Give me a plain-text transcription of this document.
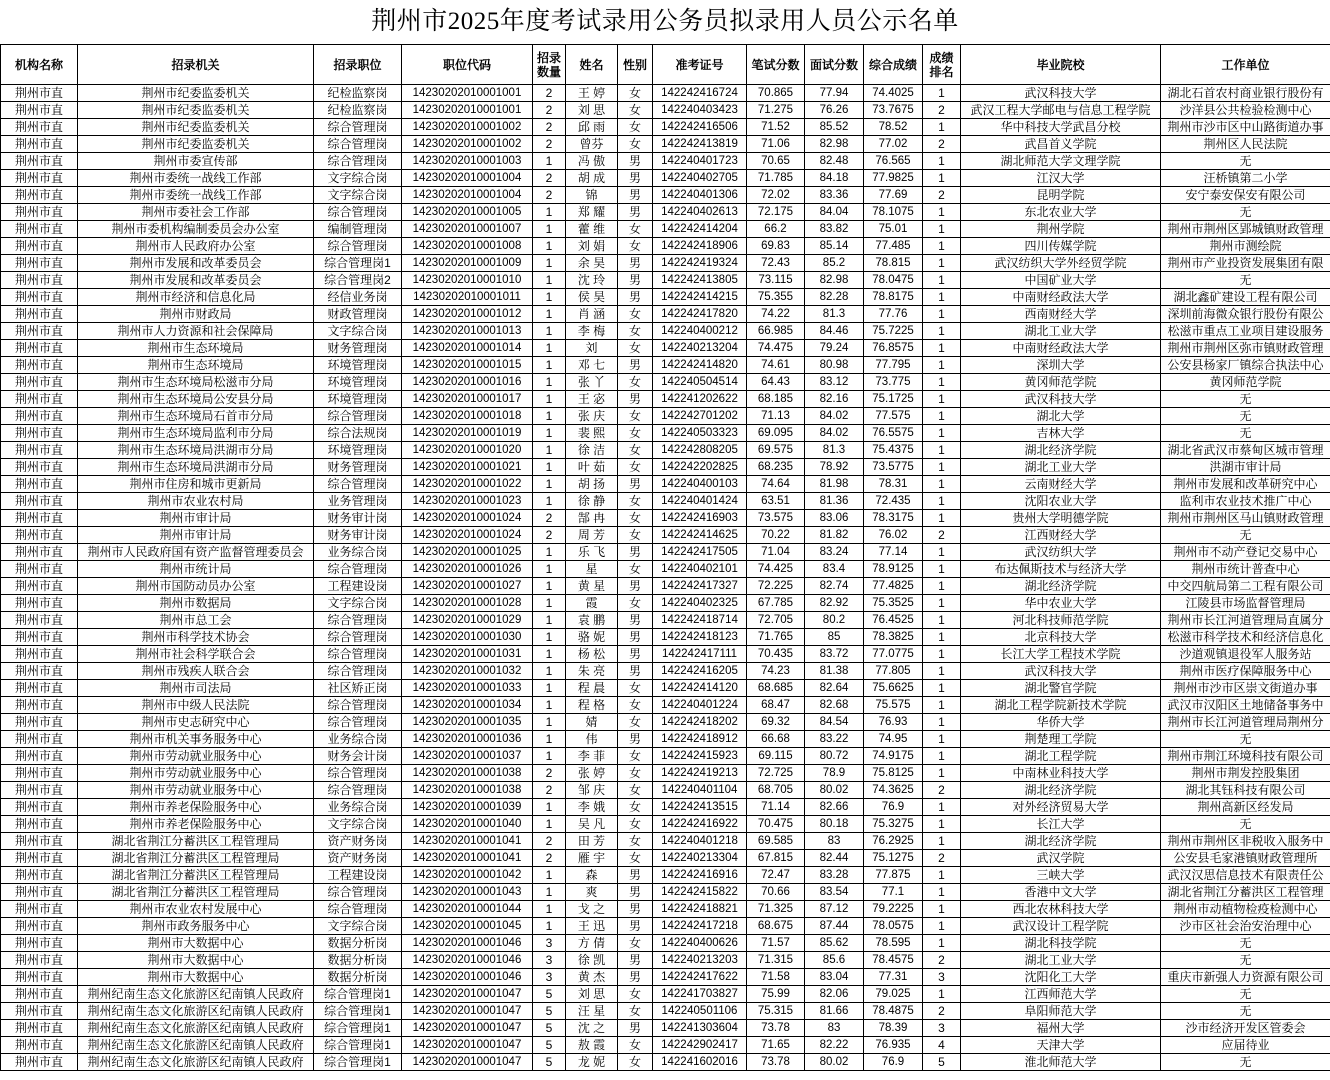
荆州市2025年度考试录用公务员拟录用人员公示名单
机构名称	招录机关	招录职位	职位代码	招录数量	姓名	性别	准考证号	笔试分数	面试分数	综合成绩	成绩排名	毕业院校	工作单位
荆州市直	荆州市纪委监委机关	纪检监察岗	14230202010001001	2	王 婷	女	142242416724	70.865	77.94	74.4025	1	武汉科技大学	湖北石首农村商业银行股份有
荆州市直	荆州市纪委监委机关	纪检监察岗	14230202010001001	2	刘 思	女	142240403423	71.275	76.26	73.7675	2	武汉工程大学邮电与信息工程学院	沙洋县公共检验检测中心
荆州市直	荆州市纪委监委机关	综合管理岗	14230202010001002	2	邱 雨	女	142242416506	71.52	85.52	78.52	1	华中科技大学武昌分校	荆州市沙市区中山路街道办事
荆州市直	荆州市纪委监委机关	综合管理岗	14230202010001002	2	曾芬	女	142242413819	71.06	82.98	77.02	2	武昌首义学院	荆州区人民法院
荆州市直	荆州市委宣传部	综合管理岗	14230202010001003	1	冯 傲	男	142240401723	70.65	82.48	76.565	1	湖北师范大学文理学院	无
荆州市直	荆州市委统一战线工作部	文字综合岗	14230202010001004	2	胡 成	男	142240402705	71.785	84.18	77.9825	1	江汉大学	汪桥镇第二小学
荆州市直	荆州市委统一战线工作部	文字综合岗	14230202010001004	2	锦	男	142240401306	72.02	83.36	77.69	2	昆明学院	安宁泰安保安有限公司
荆州市直	荆州市委社会工作部	综合管理岗	14230202010001005	1	郑 耀	男	142240402613	72.175	84.04	78.1075	1	东北农业大学	无
荆州市直	荆州市委机构编制委员会办公室	编制管理岗	14230202010001007	1	藿 维	女	142242414204	66.2	83.82	75.01	1	荆州学院	荆州市荆州区郢城镇财政管理
荆州市直	荆州市人民政府办公室	综合管理岗	14230202010001008	1	刘 娟	女	142242418906	69.83	85.14	77.485	1	四川传媒学院	荆州市测绘院
荆州市直	荆州市发展和改革委员会	综合管理岗1	14230202010001009	1	余 昊	男	142242419324	72.43	85.2	78.815	1	武汉纺织大学外经贸学院	荆州市产业投资发展集团有限
荆州市直	荆州市发展和改革委员会	综合管理岗2	14230202010001010	1	沈 玲	男	142242413805	73.115	82.98	78.0475	1	中国矿业大学	无
荆州市直	荆州市经济和信息化局	经信业务岗	14230202010001011	1	侯 昊	男	142242414215	75.355	82.28	78.8175	1	中南财经政法大学	湖北鑫矿建设工程有限公司
荆州市直	荆州市财政局	财政管理岗	14230202010001012	1	肖 涵	女	142242417820	74.22	81.3	77.76	1	西南财经大学	深圳前海微众银行股份有限公
荆州市直	荆州市人力资源和社会保障局	文字综合岗	14230202010001013	1	李 梅	女	142240400212	66.985	84.46	75.7225	1	湖北工业大学	松滋市重点工业项目建设服务
荆州市直	荆州市生态环境局	财务管理岗	14230202010001014	1	刘	女	142240213204	74.475	79.24	76.8575	1	中南财经政法大学	荆州市荆州区弥市镇财政管理
荆州市直	荆州市生态环境局	环境管理岗	14230202010001015	1	邓 七	男	142242414820	74.61	80.98	77.795	1	深圳大学	公安县杨家厂镇综合执法中心
荆州市直	荆州市生态环境局松滋市分局	环境管理岗	14230202010001016	1	张 丫	女	142240504514	64.43	83.12	73.775	1	黄冈师范学院	黄冈师范学院
荆州市直	荆州市生态环境局公安县分局	环境管理岗	14230202010001017	1	王 宓	男	142241202622	68.185	82.16	75.1725	1	武汉科技大学	无
荆州市直	荆州市生态环境局石首市分局	综合管理岗	14230202010001018	1	张 庆	女	142242701202	71.13	84.02	77.575	1	湖北大学	无
荆州市直	荆州市生态环境局监利市分局	综合法规岗	14230202010001019	1	裴 熙	女	142240503323	69.095	84.02	76.5575	1	吉林大学	无
荆州市直	荆州市生态环境局洪湖市分局	环境管理岗	14230202010001020	1	徐 洁	女	142242808205	69.575	81.3	75.4375	1	湖北经济学院	湖北省武汉市蔡甸区城市管理
荆州市直	荆州市生态环境局洪湖市分局	财务管理岗	14230202010001021	1	叶 茹	女	142242202825	68.235	78.92	73.5775	1	湖北工业大学	洪湖市审计局
荆州市直	荆州市住房和城市更新局	综合管理岗	14230202010001022	1	胡 扬	男	142240400103	74.64	81.98	78.31	1	云南财经大学	荆州市发展和改革研究中心
荆州市直	荆州市农业农村局	业务管理岗	14230202010001023	1	徐 静	女	142240401424	63.51	81.36	72.435	1	沈阳农业大学	监利市农业技术推广中心
荆州市直	荆州市审计局	财务审计岗	14230202010001024	2	郜 冉	女	142242416903	73.575	83.06	78.3175	1	贵州大学明德学院	荆州市荆州区马山镇财政管理
荆州市直	荆州市审计局	财务审计岗	14230202010001024	2	周 芳	女	142242414625	70.22	81.82	76.02	2	江西财经大学	无
荆州市直	荆州市人民政府国有资产监督管理委员会	业务综合岗	14230202010001025	1	乐 飞	男	142242417505	71.04	83.24	77.14	1	武汉纺织大学	荆州市不动产登记交易中心
荆州市直	荆州市统计局	综合管理岗	14230202010001026	1	星	女	142240402101	74.425	83.4	78.9125	1	布达佩斯技术与经济大学	荆州市统计普查中心
荆州市直	荆州市国防动员办公室	工程建设岗	14230202010001027	1	黄 星	男	142242417327	72.225	82.74	77.4825	1	湖北经济学院	中交四航局第二工程有限公司
荆州市直	荆州市数据局	文字综合岗	14230202010001028	1	霞	女	142240402325	67.785	82.92	75.3525	1	华中农业大学	江陵县市场监督管理局
荆州市直	荆州市总工会	综合管理岗	14230202010001029	1	袁 鹏	男	142242418714	72.705	80.2	76.4525	1	河北科技师范学院	荆州市长江河道管理局直属分
荆州市直	荆州市科学技术协会	综合管理岗	14230202010001030	1	骆 妮	男	142242418123	71.765	85	78.3825	1	北京科技大学	松滋市科学技术和经济信息化
荆州市直	荆州市社会科学联合会	综合管理岗	14230202010001031	1	杨 松	男	142242417111	70.435	83.72	77.0775	1	长江大学工程技术学院	沙道观镇退役军人服务站
荆州市直	荆州市残疾人联合会	综合管理岗	14230202010001032	1	朱 亮	男	142242416205	74.23	81.38	77.805	1	武汉科技大学	荆州市医疗保障服务中心
荆州市直	荆州市司法局	社区矫正岗	14230202010001033	1	程 晨	女	142242414120	68.685	82.64	75.6625	1	湖北警官学院	荆州市沙市区崇文街道办事
荆州市直	荆州市中级人民法院	综合管理岗	14230202010001034	1	程 格	女	142240401224	68.47	82.68	75.575	1	湖北工程学院新技术学院	武汉市汉阳区土地储备事务中
荆州市直	荆州市史志研究中心	综合管理岗	14230202010001035	1	婧	女	142242418202	69.32	84.54	76.93	1	华侨大学	荆州市长江河道管理局荆州分
荆州市直	荆州市机关事务服务中心	业务综合岗	14230202010001036	1	伟	男	142242418912	66.68	83.22	74.95	1	荆楚理工学院	无
荆州市直	荆州市劳动就业服务中心	财务会计岗	14230202010001037	1	李 菲	女	142242415923	69.115	80.72	74.9175	1	湖北工程学院	荆州市荆江环境科技有限公司
荆州市直	荆州市劳动就业服务中心	综合管理岗	14230202010001038	2	张 婷	女	142242419213	72.725	78.9	75.8125	1	中南林业科技大学	荆州市荆发控股集团
荆州市直	荆州市劳动就业服务中心	综合管理岗	14230202010001038	2	邹 庆	女	142240401104	68.705	80.02	74.3625	2	湖北经济学院	湖北其钰科技有限公司
荆州市直	荆州市养老保险服务中心	业务综合岗	14230202010001039	1	李 娥	女	142242413515	71.14	82.66	76.9	1	对外经济贸易大学	荆州高新区经发局
荆州市直	荆州市养老保险服务中心	文字综合岗	14230202010001040	1	吴 凡	女	142242416922	70.475	80.18	75.3275	1	长江大学	无
荆州市直	湖北省荆江分蓄洪区工程管理局	资产财务岗	14230202010001041	2	田 芳	女	142240401218	69.585	83	76.2925	1	湖北经济学院	荆州市荆州区非税收入服务中
荆州市直	湖北省荆江分蓄洪区工程管理局	资产财务岗	14230202010001041	2	雁 宇	女	142240213304	67.815	82.44	75.1275	2	武汉学院	公安县毛家港镇财政管理所
荆州市直	湖北省荆江分蓄洪区工程管理局	工程建设岗	14230202010001042	1	森	男	142242416916	72.47	83.28	77.875	1	三峡大学	武汉汉思信息技术有限责任公
荆州市直	湖北省荆江分蓄洪区工程管理局	综合管理岗	14230202010001043	1	爽	男	142242415822	70.66	83.54	77.1	1	香港中文大学	湖北省荆江分蓄洪区工程管理
荆州市直	荆州市农业农村发展中心	综合管理岗	14230202010001044	1	戈 之	男	142242418821	71.325	87.12	79.2225	1	西北农林科技大学	荆州市动植物检疫检测中心
荆州市直	荆州市政务服务中心	文字综合岗	14230202010001045	1	王 迅	男	142242417218	68.675	87.44	78.0575	1	武汉设计工程学院	沙市区社会治安治理中心
荆州市直	荆州市大数据中心	数据分析岗	14230202010001046	3	方 倩	女	142240400626	71.57	85.62	78.595	1	湖北科技学院	无
荆州市直	荆州市大数据中心	数据分析岗	14230202010001046	3	徐 凯	男	142240213203	71.315	85.6	78.4575	2	湖北工业大学	无
荆州市直	荆州市大数据中心	数据分析岗	14230202010001046	3	黄 杰	男	142242417622	71.58	83.04	77.31	3	沈阳化工大学	重庆市新强人力资源有限公司
荆州市直	荆州纪南生态文化旅游区纪南镇人民政府	综合管理岗1	14230202010001047	5	刘 思	女	142241703827	75.99	82.06	79.025	1	江西师范大学	无
荆州市直	荆州纪南生态文化旅游区纪南镇人民政府	综合管理岗1	14230202010001047	5	汪 星	女	142240501106	75.315	81.66	78.4875	2	阜阳师范大学	无
荆州市直	荆州纪南生态文化旅游区纪南镇人民政府	综合管理岗1	14230202010001047	5	沈 之	男	142241303604	73.78	83	78.39	3	福州大学	沙市经济开发区管委会
荆州市直	荆州纪南生态文化旅游区纪南镇人民政府	综合管理岗1	14230202010001047	5	敖 霞	女	142242902417	71.65	82.22	76.935	4	天津大学	应届待业
荆州市直	荆州纪南生态文化旅游区纪南镇人民政府	综合管理岗1	14230202010001047	5	龙 妮	女	142241602016	73.78	80.02	76.9	5	淮北师范大学	无
